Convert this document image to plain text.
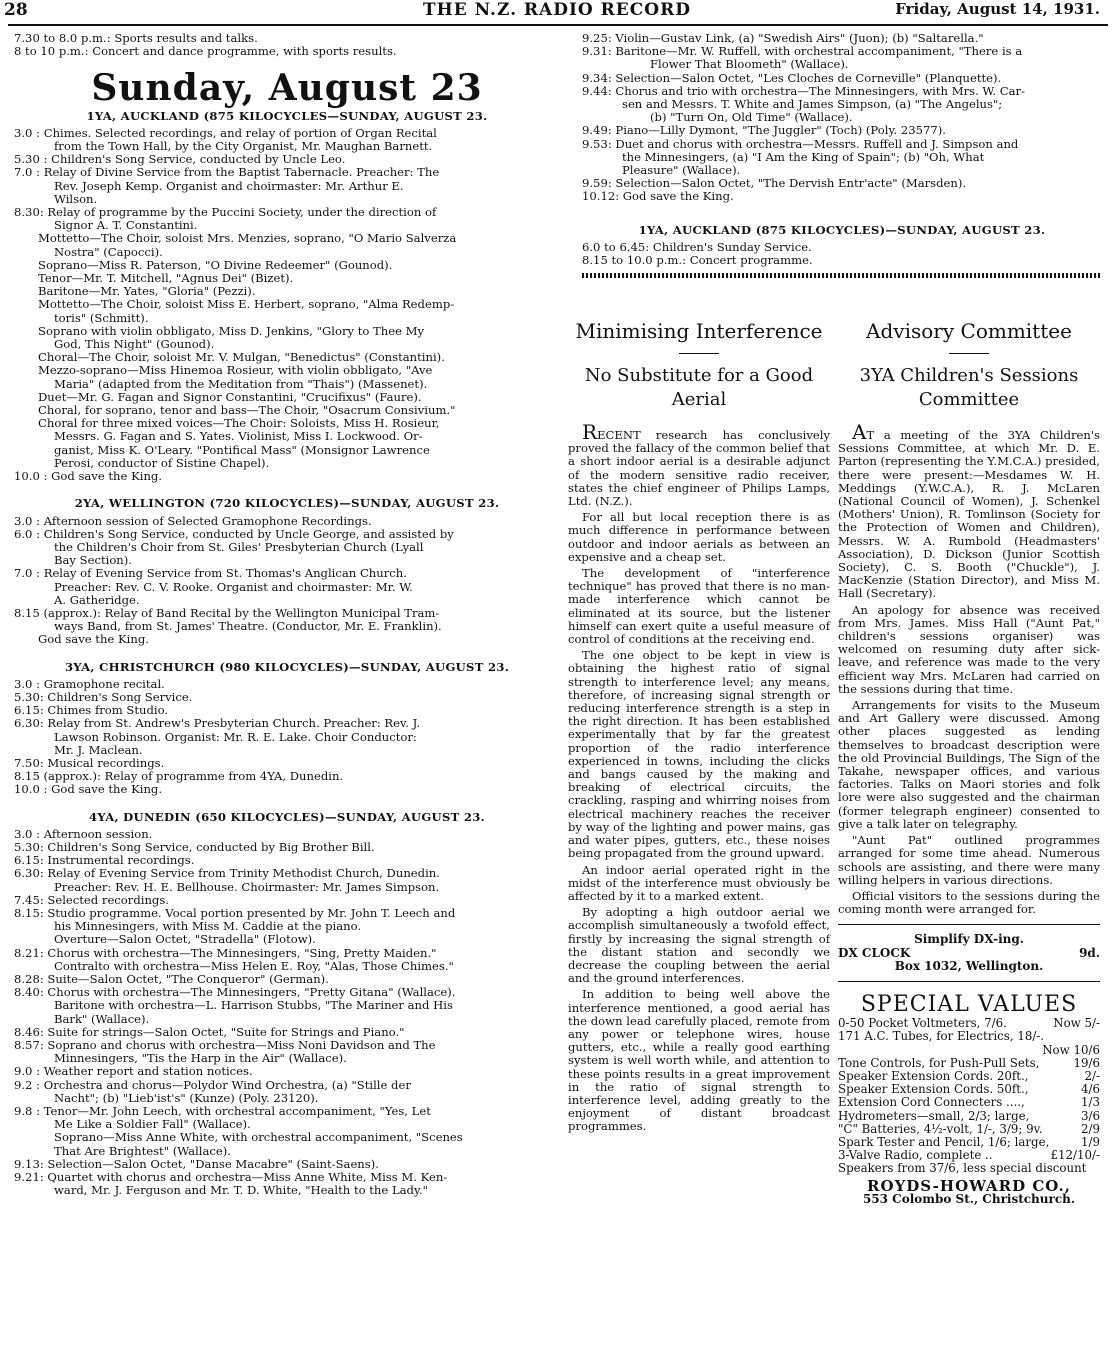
28	THE N.Z. RADIO RECORD	Friday, August 14, 1931.
7.30 to 8.0 p.m.: Sports results and talks.
8 to 10 p.m.: Concert and dance programme, with sports results.
Sunday, August 23
1YA, AUCKLAND (875 KILOCYCLES—SUNDAY, AUGUST 23.
3.0 : Chimes. Selected recordings, and relay of portion of Organ Recital
from the Town Hall, by the City Organist, Mr. Maughan Barnett.
5.30 : Children's Song Service, conducted by Uncle Leo.
7.0 : Relay of Divine Service from the Baptist Tabernacle. Preacher: The
Rev. Joseph Kemp. Organist and choirmaster: Mr. Arthur E.
Wilson.
8.30: Relay of programme by the Puccini Society, under the direction of
Signor A. T. Constantini.
Mottetto—The Choir, soloist Mrs. Menzies, soprano, "O Mario Salverza
Nostra" (Capocci).
Soprano—Miss R. Paterson, "O Divine Redeemer" (Gounod).
Tenor—Mr. T. Mitchell, "Agnus Dei" (Bizet).
Baritone—Mr. Yates, "Gloria" (Pezzi).
Mottetto—The Choir, soloist Miss E. Herbert, soprano, "Alma Redemp-
toris" (Schmitt).
Soprano with violin obbligato, Miss D. Jenkins, "Glory to Thee My
God, This Night" (Gounod).
Choral—The Choir, soloist Mr. V. Mulgan, "Benedictus" (Constantini).
Mezzo-soprano—Miss Hinemoa Rosieur, with violin obbligato, "Ave
Maria" (adapted from the Meditation from "Thais") (Massenet).
Duet—Mr. G. Fagan and Signor Constantini, "Crucifixus" (Faure).
Choral, for soprano, tenor and bass—The Choir, "Osacrum Consivium."
Choral for three mixed voices—The Choir: Soloists, Miss H. Rosieur,
Messrs. G. Fagan and S. Yates. Violinist, Miss I. Lockwood. Or-
ganist, Miss K. O'Leary. "Pontifical Mass" (Monsignor Lawrence
Perosi, conductor of Sistine Chapel).
10.0 : God save the King.
2YA, WELLINGTON (720 KILOCYCLES)—SUNDAY, AUGUST 23.
3.0 : Afternoon session of Selected Gramophone Recordings.
6.0 : Children's Song Service, conducted by Uncle George, and assisted by
the Children's Choir from St. Giles' Presbyterian Church (Lyall
Bay Section).
7.0 : Relay of Evening Service from St. Thomas's Anglican Church.
Preacher: Rev. C. V. Rooke. Organist and choirmaster: Mr. W.
A. Gatheridge.
8.15 (approx.): Relay of Band Recital by the Wellington Municipal Tram-
ways Band, from St. James' Theatre. (Conductor, Mr. E. Franklin).
God save the King.
3YA, CHRISTCHURCH (980 KILOCYCLES)—SUNDAY, AUGUST 23.
3.0 : Gramophone recital.
5.30: Children's Song Service.
6.15: Chimes from Studio.
6.30: Relay from St. Andrew's Presbyterian Church. Preacher: Rev. J.
Lawson Robinson. Organist: Mr. R. E. Lake. Choir Conductor:
Mr. J. Maclean.
7.50: Musical recordings.
8.15 (approx.): Relay of programme from 4YA, Dunedin.
10.0 : God save the King.
4YA, DUNEDIN (650 KILOCYCLES)—SUNDAY, AUGUST 23.
3.0 : Afternoon session.
5.30: Children's Song Service, conducted by Big Brother Bill.
6.15: Instrumental recordings.
6.30: Relay of Evening Service from Trinity Methodist Church, Dunedin.
Preacher: Rev. H. E. Bellhouse. Choirmaster: Mr. James Simpson.
7.45: Selected recordings.
8.15: Studio programme. Vocal portion presented by Mr. John T. Leech and
his Minnesingers, with Miss M. Caddie at the piano.
Overture—Salon Octet, "Stradella" (Flotow).
8.21: Chorus with orchestra—The Minnesingers, "Sing, Pretty Maiden."
Contralto with orchestra—Miss Helen E. Roy, "Alas, Those Chimes."
8.28: Suite—Salon Octet, "The Conqueror" (German).
8.40: Chorus with orchestra—The Minnesingers, "Pretty Gitana" (Wallace).
Baritone with orchestra—L. Harrison Stubbs, "The Mariner and His
Bark" (Wallace).
8.46: Suite for strings—Salon Octet, "Suite for Strings and Piano."
8.57: Soprano and chorus with orchestra—Miss Noni Davidson and The
Minnesingers, "Tis the Harp in the Air" (Wallace).
9.0 : Weather report and station notices.
9.2 : Orchestra and chorus—Polydor Wind Orchestra, (a) "Stille der
Nacht"; (b) "Lieb'ist's" (Kunze) (Poly. 23120).
9.8 : Tenor—Mr. John Leech, with orchestral accompaniment, "Yes, Let
Me Like a Soldier Fall" (Wallace).
Soprano—Miss Anne White, with orchestral accompaniment, "Scenes
That Are Brightest" (Wallace).
9.13: Selection—Salon Octet, "Danse Macabre" (Saint-Saens).
9.21: Quartet with chorus and orchestra—Miss Anne White, Miss M. Ken-
ward, Mr. J. Ferguson and Mr. T. D. White, "Health to the Lady."
9.25: Violin—Gustav Link, (a) "Swedish Airs" (Juon); (b) "Saltarella."
9.31: Baritone—Mr. W. Ruffell, with orchestral accompaniment, "There is a
Flower That Bloometh" (Wallace).
9.34: Selection—Salon Octet, "Les Cloches de Corneville" (Planquette).
9.44: Chorus and trio with orchestra—The Minnesingers, with Mrs. W. Car-
sen and Messrs. T. White and James Simpson, (a) "The Angelus";
(b) "Turn On, Old Time" (Wallace).
9.49: Piano—Lilly Dymont, "The Juggler" (Toch) (Poly. 23577).
9.53: Duet and chorus with orchestra—Messrs. Ruffell and J. Simpson and
the Minnesingers, (a) "I Am the King of Spain"; (b) "Oh, What
Pleasure" (Wallace).
9.59: Selection—Salon Octet, "The Dervish Entr'acte" (Marsden).
10.12: God save the King.
1YA, AUCKLAND (875 KILOCYCLES)—SUNDAY, AUGUST 23.
6.0 to 6.45: Children's Sunday Service.
8.15 to 10.0 p.m.: Concert programme.
Minimising Interference
No Substitute for a Good Aerial

RECENT research has conclusively proved the fallacy of the common belief that a short indoor aerial is a desirable adjunct of the modern sensitive radio receiver, states the chief engineer of Philips Lamps, Ltd. (N.Z.).

For all but local reception there is as much difference in performance between outdoor and indoor aerials as between an expensive and a cheap set.

The development of "interference technique" has proved that there is no man-made interference which cannot be eliminated at its source, but the listener himself can exert quite a useful measure of control of conditions at the receiving end.

The one object to be kept in view is obtaining the highest ratio of signal strength to interference level; any means, therefore, of increasing signal strength or reducing interference strength is a step in the right direction. It has been established experimentally that by far the greatest proportion of the radio interference experienced in towns, including the clicks and bangs caused by the making and breaking of electrical circuits, the crackling, rasping and whirring noises from electrical machinery reaches the receiver by way of the lighting and power mains, gas and water pipes, gutters, etc., these noises being propagated from the ground upward.

An indoor aerial operated right in the midst of the interference must obviously be affected by it to a marked extent.

By adopting a high outdoor aerial we accomplish simultaneously a twofold effect, firstly by increasing the signal strength of the distant station and secondly we decrease the coupling between the aerial and the ground interferences.

In addition to being well above the interference mentioned, a good aerial has the down lead carefully placed, remote from any power or telephone wires, house gutters, etc., while a really good earthing system is well worth while, and attention to these points results in a great improvement in the ratio of signal strength to interference level, adding greatly to the enjoyment of distant broadcast programmes.

Advisory Committee
3YA Children's Sessions Committee

AT a meeting of the 3YA Children's Sessions Committee, at which Mr. D. E. Parton (representing the Y.M.C.A.) presided, there were present:—Mesdames W. H. Meddings (Y.W.C.A.), R. J. McLaren (National Council of Women), J. Schenkel (Mothers' Union), R. Tomlinson (Society for the Protection of Women and Children), Messrs. W. A. Rumbold (Headmasters' Association), D. Dickson (Junior Scottish Society), C. S. Booth ("Chuckle"), J. MacKenzie (Station Director), and Miss M. Hall (Secretary).

An apology for absence was received from Mrs. James. Miss Hall ("Aunt Pat," children's sessions organiser) was welcomed on resuming duty after sick-leave, and reference was made to the very efficient way Mrs. McLaren had carried on the sessions during that time.

Arrangements for visits to the Museum and Art Gallery were discussed. Among other places suggested as lending themselves to broadcast description were the old Provincial Buildings, The Sign of the Takahe, newspaper offices, and various factories. Talks on Maori stories and folk lore were also suggested and the chairman (former telegraph engineer) consented to give a talk later on telegraphy.

"Aunt Pat" outlined programmes arranged for some time ahead. Numerous schools are assisting, and there were many willing helpers in various directions.

Official visitors to the sessions during the coming month were arranged for.

Simplify DX-ing.
DX CLOCK	9d.
Box 1032, Wellington.
SPECIAL VALUES
0-50 Pocket Voltmeters, 7/6.	Now 5/-
171 A.C. Tubes, for Electrics, 18/-.
Now 10/6
Tone Controls, for Push-Pull Sets,	19/6
Speaker Extension Cords. 20ft.,	2/-
Speaker Extension Cords. 50ft.,	4/6
Extension Cord Connecters ....,	1/3
Hydrometers—small, 2/3; large,	3/6
"C" Batteries, 4½-volt, 1/-, 3/9; 9v.	2/9
Spark Tester and Pencil, 1/6; large,	1/9
3-Valve Radio, complete ..	£12/10/-
Speakers from 37/6, less special discount
ROYDS-HOWARD CO.,
553 Colombo St., Christchurch.
